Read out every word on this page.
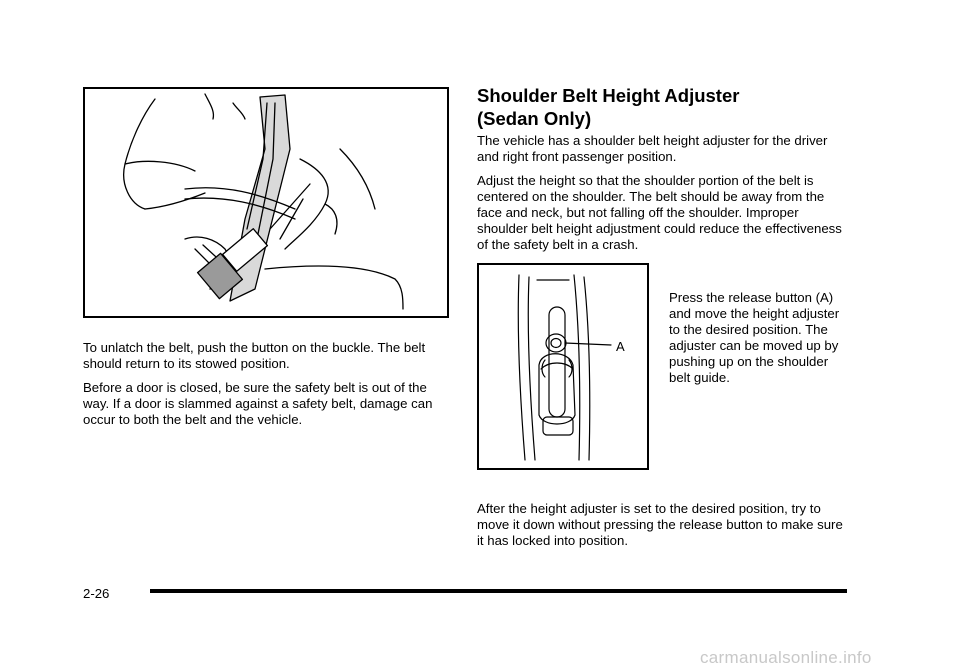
To unlatch the belt, push the button on the buckle. The belt should return to its stowed position.

Before a door is closed, be sure the safety belt is out of the way. If a door is slammed against a safety belt, damage can occur to both the belt and the vehicle.

Shoulder Belt Height Adjuster
(Sedan Only)

The vehicle has a shoulder belt height adjuster for the driver and right front passenger position.

Adjust the height so that the shoulder portion of the belt is centered on the shoulder. The belt should be away from the face and neck, but not falling off the shoulder. Improper shoulder belt height adjustment could reduce the effectiveness of the safety belt in a crash.

A

Press the release button (A) and move the height adjuster to the desired position. The adjuster can be moved up by pushing up on the shoulder belt guide.

After the height adjuster is set to the desired position, try to move it down without pressing the release button to make sure it has locked into position.

2-26
carmanualsonline.info
